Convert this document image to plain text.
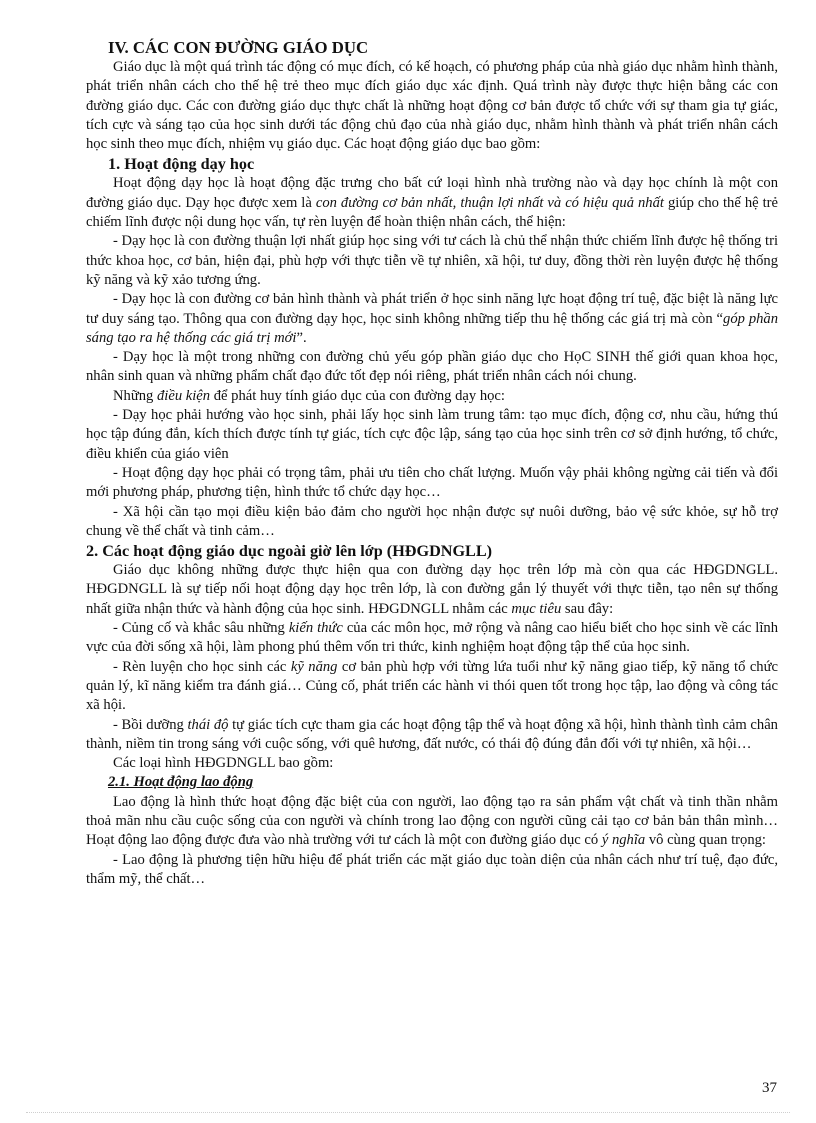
IV. CÁC CON ĐƯỜNG GIÁO DỤC

Giáo dục là một quá trình tác động có mục đích, có kế hoạch, có phương pháp của nhà giáo dục nhằm hình thành, phát triển nhân cách cho thế hệ trẻ theo mục đích giáo dục xác định. Quá trình này được thực hiện bằng các con đường giáo dục. Các con đường giáo dục thực chất là những hoạt động cơ bản được tổ chức với sự tham gia tự giác, tích cực và sáng tạo của học sinh dưới tác động chủ đạo của nhà giáo dục, nhằm hình thành và phát triển nhân cách học sinh theo mục đích, nhiệm vụ giáo dục. Các hoạt động giáo dục bao gồm:

1. Hoạt động dạy học

Hoạt động dạy học là hoạt động đặc trưng cho bất cứ loại hình nhà trường nào và dạy học chính là một con đường giáo dục. Dạy học được xem là con đường cơ bản nhất, thuận lợi nhất và có hiệu quả nhất giúp cho thế hệ trẻ chiếm lĩnh được nội dung học vấn, tự rèn luyện để hoàn thiện nhân cách, thể hiện:

- Dạy học là con đường thuận lợi nhất giúp học sing với tư cách là chủ thể nhận thức chiếm lĩnh được hệ thống tri thức khoa học, cơ bản, hiện đại, phù hợp với thực tiễn về tự nhiên, xã hội, tư duy, đồng thời rèn luyện được hệ thống kỹ năng và kỹ xảo tương ứng.

- Dạy học là con đường cơ bản hình thành và phát triển ở học sinh năng lực hoạt động trí tuệ, đặc biệt là năng lực tư duy sáng tạo. Thông qua con đường dạy học, học sinh không những tiếp thu hệ thống các giá trị mà còn “góp phần sáng tạo ra hệ thống các giá trị mới”.

- Dạy học là một trong những con đường chủ yếu góp phần giáo dục cho HọC SINH thế giới quan khoa học, nhân sinh quan và những phẩm chất đạo đức tốt đẹp nói riêng, phát triển nhân cách nói chung.

Những điều kiện để phát huy tính giáo dục của con đường dạy học:

- Dạy học phải hướng vào học sinh, phải lấy học sinh làm trung tâm: tạo mục đích, động cơ, nhu cầu, hứng thú học tập đúng đắn, kích thích được tính tự giác, tích cực độc lập, sáng tạo của học sinh trên cơ sở định hướng, tổ chức, điều khiển của giáo viên

- Hoạt động dạy học phải có trọng tâm, phải ưu tiên cho chất lượng. Muốn vậy phải không ngừng cải tiến và đổi mới phương pháp, phương tiện, hình thức tổ chức dạy học…

- Xã hội cần tạo mọi điều kiện bảo đảm cho người học nhận được sự nuôi dưỡng, bảo vệ sức khỏe, sự hỗ trợ chung về thể chất và tinh cảm…

2. Các hoạt động giáo dục ngoài giờ lên lớp (HĐGDNGLL)

Giáo dục không những được thực hiện qua con đường dạy học trên lớp mà còn qua các HĐGDNGLL. HĐGDNGLL là sự tiếp nối hoạt động dạy học trên lớp, là con đường gắn lý thuyết với thực tiễn, tạo nên sự thống nhất giữa nhận thức và hành động của học sinh. HĐGDNGLL nhằm các mục tiêu sau đây:

- Củng cố và khắc sâu những kiến thức của các môn học, mở rộng và nâng cao hiểu biết cho học sinh về các lĩnh vực của đời sống xã hội, làm phong phú thêm vốn tri thức, kinh nghiệm hoạt động tập thể của học sinh.

- Rèn luyện cho học sinh các kỹ năng cơ bản phù hợp với từng lứa tuổi như kỹ năng giao tiếp, kỹ năng tổ chức quản lý, kĩ năng kiểm tra đánh giá… Củng cố, phát triển các hành vi thói quen tốt trong học tập, lao động và công tác xã hội.

- Bồi dưỡng thái độ tự giác tích cực tham gia các hoạt động tập thể và hoạt động xã hội, hình thành tình cảm chân thành, niềm tin trong sáng với cuộc sống, với quê hương, đất nước, có thái độ đúng đắn đối với tự nhiên, xã hội…

Các loại hình HĐGDNGLL bao gồm:

2.1. Hoạt động lao động

Lao động là hình thức hoạt động đặc biệt của con người, lao động tạo ra sản phẩm vật chất và tinh thần nhằm thoả mãn nhu cầu cuộc sống của con người và chính trong lao động con người cũng cải tạo cơ bản bản thân mình… Hoạt động lao động được đưa vào nhà trường với tư cách là một con đường giáo dục có ý nghĩa vô cùng quan trọng:

- Lao động là phương tiện hữu hiệu để phát triển các mặt giáo dục toàn diện của nhân cách như trí tuệ, đạo đức, thẩm mỹ, thể chất…

37
